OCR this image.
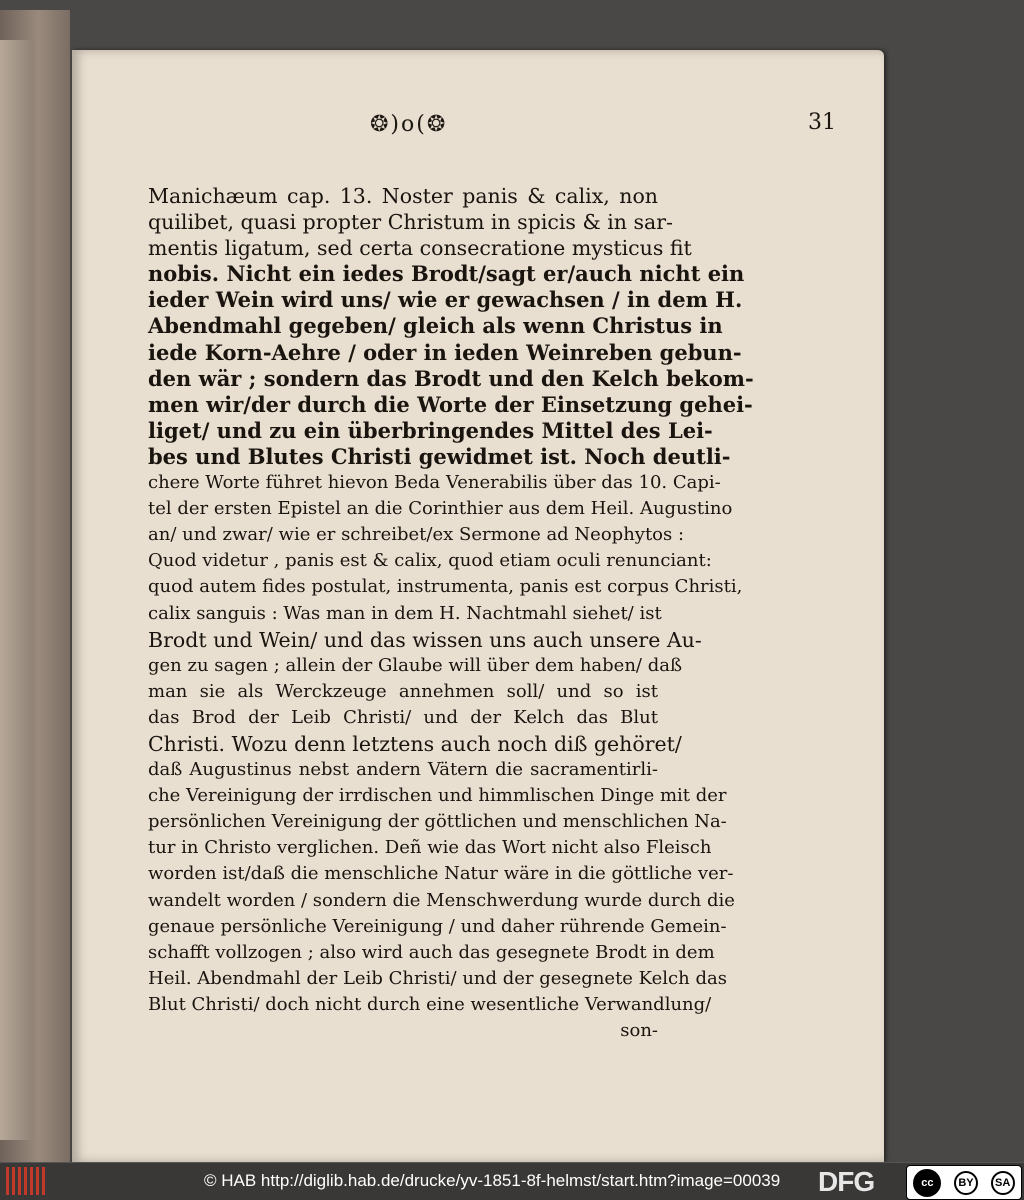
❂)o(❂	31
Manichæum cap. 13. Noster panis & calix, non
quilibet, quasi propter Christum in spicis & in sar-
mentis ligatum, sed certa consecratione mysticus fit
nobis. Nicht ein iedes Brodt/sagt er/auch nicht ein
ieder Wein wird uns/ wie er gewachsen / in dem H.
Abendmahl gegeben/ gleich als wenn Christus in
iede Korn-Aehre / oder in ieden Weinreben gebun-
den wär ; sondern das Brodt und den Kelch bekom-
men wir/der durch die Worte der Einsetzung gehei-
liget/ und zu ein überbringendes Mittel des Lei-
bes und Blutes Christi gewidmet ist. Noch deutli-
chere Worte führet hievon Beda Venerabilis über das 10. Capi-
tel der ersten Epistel an die Corinthier aus dem Heil. Augustino
an/ und zwar/ wie er schreibet/ex Sermone ad Neophytos :
Quod videtur , panis est & calix, quod etiam oculi renunciant:
quod autem fides postulat, instrumenta, panis est corpus Christi,
calix sanguis : Was man in dem H. Nachtmahl siehet/ ist
Brodt und Wein/ und das wissen uns auch unsere Au-
gen zu sagen ; allein der Glaube will über dem haben/ daß
man sie als Werckzeuge annehmen soll/ und so ist
das Brod der Leib Christi/ und der Kelch das Blut
Christi. Wozu denn letztens auch noch diß gehöret/
daß Augustinus nebst andern Vätern die sacramentirli-
che Vereinigung der irrdischen und himmlischen Dinge mit der
persönlichen Vereinigung der göttlichen und menschlichen Na-
tur in Christo verglichen. Deñ wie das Wort nicht also Fleisch
worden ist/daß die menschliche Natur wäre in die göttliche ver-
wandelt worden / sondern die Menschwerdung wurde durch die
genaue persönliche Vereinigung / und daher rührende Gemein-
schafft vollzogen ; also wird auch das gesegnete Brodt in dem
Heil. Abendmahl der Leib Christi/ und der gesegnete Kelch das
Blut Christi/ doch nicht durch eine wesentliche Verwandlung/
son-
© HAB http://diglib.hab.de/drucke/yv-1851-8f-helmst/start.htm?image=00039 DFG	cc	BY	SA
